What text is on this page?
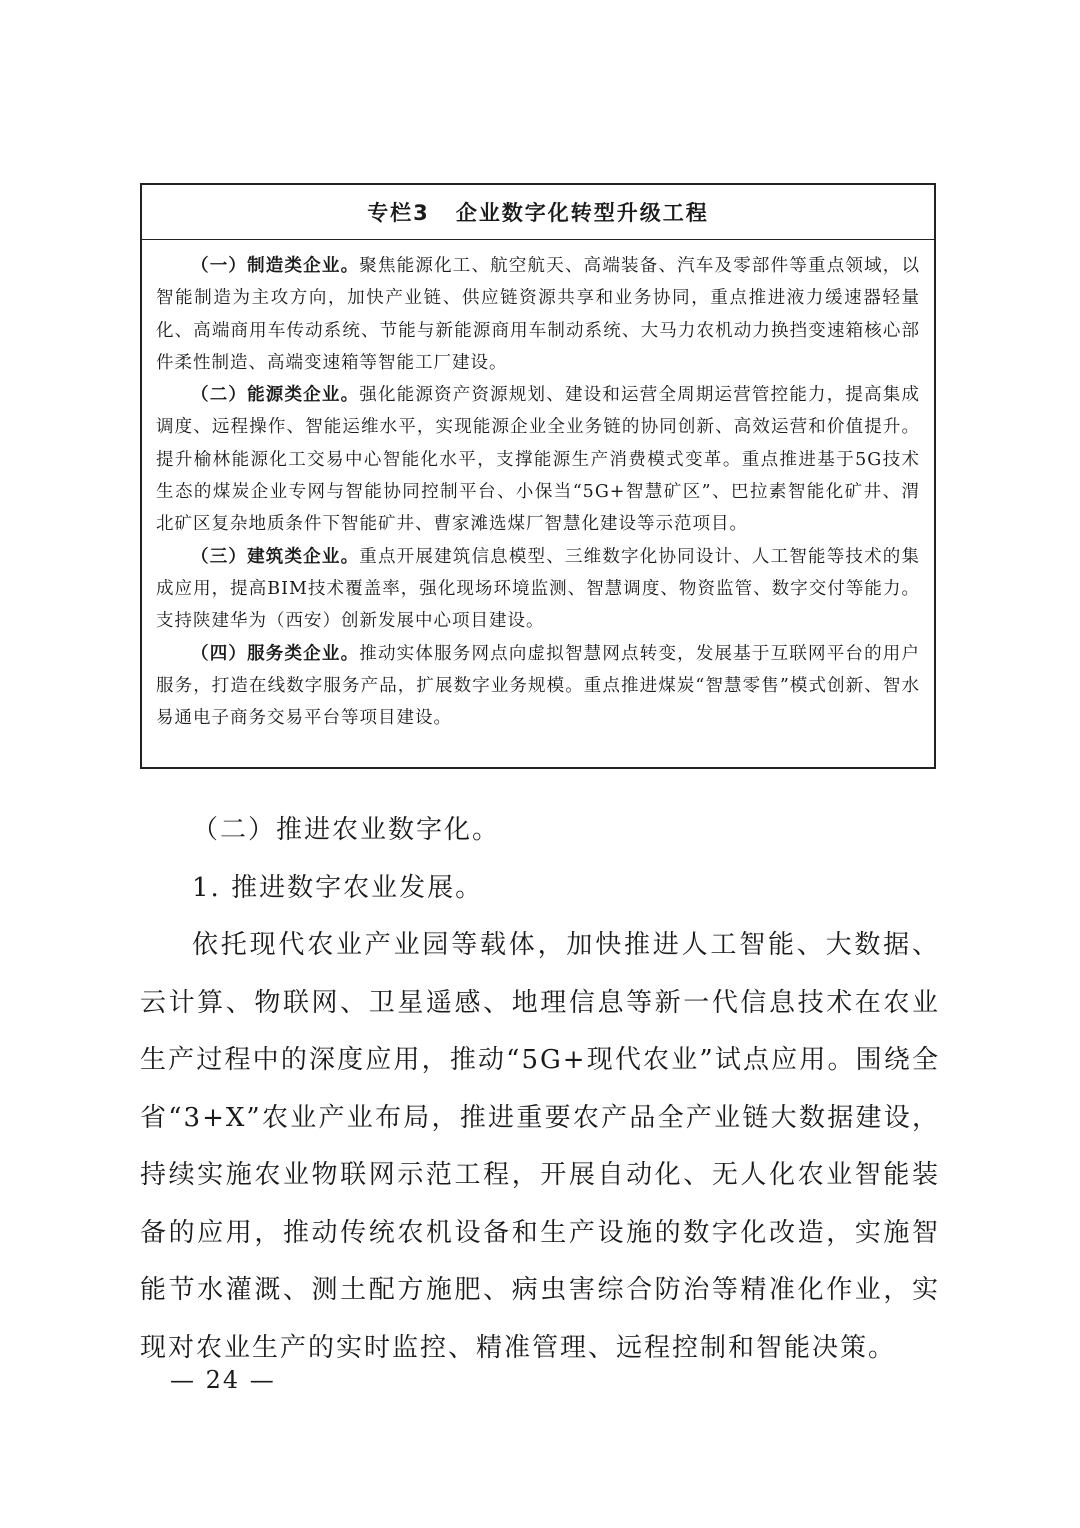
专栏3 企业数字化转型升级工程

（一）制造类企业。聚焦能源化工、航空航天、高端装备、汽车及零部件等重点领域，以智能制造为主攻方向，加快产业链、供应链资源共享和业务协同，重点推进液力缓速器轻量化、高端商用车传动系统、节能与新能源商用车制动系统、大马力农机动力换挡变速箱核心部件柔性制造、高端变速箱等智能工厂建设。

（二）能源类企业。强化能源资产资源规划、建设和运营全周期运营管控能力，提高集成调度、远程操作、智能运维水平，实现能源企业全业务链的协同创新、高效运营和价值提升。提升榆林能源化工交易中心智能化水平，支撑能源生产消费模式变革。重点推进基于5G技术生态的煤炭企业专网与智能协同控制平台、小保当“5G+智慧矿区”、巴拉素智能化矿井、渭北矿区复杂地质条件下智能矿井、曹家滩选煤厂智慧化建设等示范项目。

（三）建筑类企业。重点开展建筑信息模型、三维数字化协同设计、人工智能等技术的集成应用，提高BIM技术覆盖率，强化现场环境监测、智慧调度、物资监管、数字交付等能力。支持陕建华为（西安）创新发展中心项目建设。

（四）服务类企业。推动实体服务网点向虚拟智慧网点转变，发展基于互联网平台的用户服务，打造在线数字服务产品，扩展数字业务规模。重点推进煤炭“智慧零售”模式创新、智水易通电子商务交易平台等项目建设。

（二）推进农业数字化。

1. 推进数字农业发展。

依托现代农业产业园等载体，加快推进人工智能、大数据、云计算、物联网、卫星遥感、地理信息等新一代信息技术在农业生产过程中的深度应用，推动“5G+现代农业”试点应用。围绕全省“3+X”农业产业布局，推进重要农产品全产业链大数据建设，持续实施农业物联网示范工程，开展自动化、无人化农业智能装备的应用，推动传统农机设备和生产设施的数字化改造，实施智能节水灌溉、测土配方施肥、病虫害综合防治等精准化作业，实现对农业生产的实时监控、精准管理、远程控制和智能决策。

— 24 —
